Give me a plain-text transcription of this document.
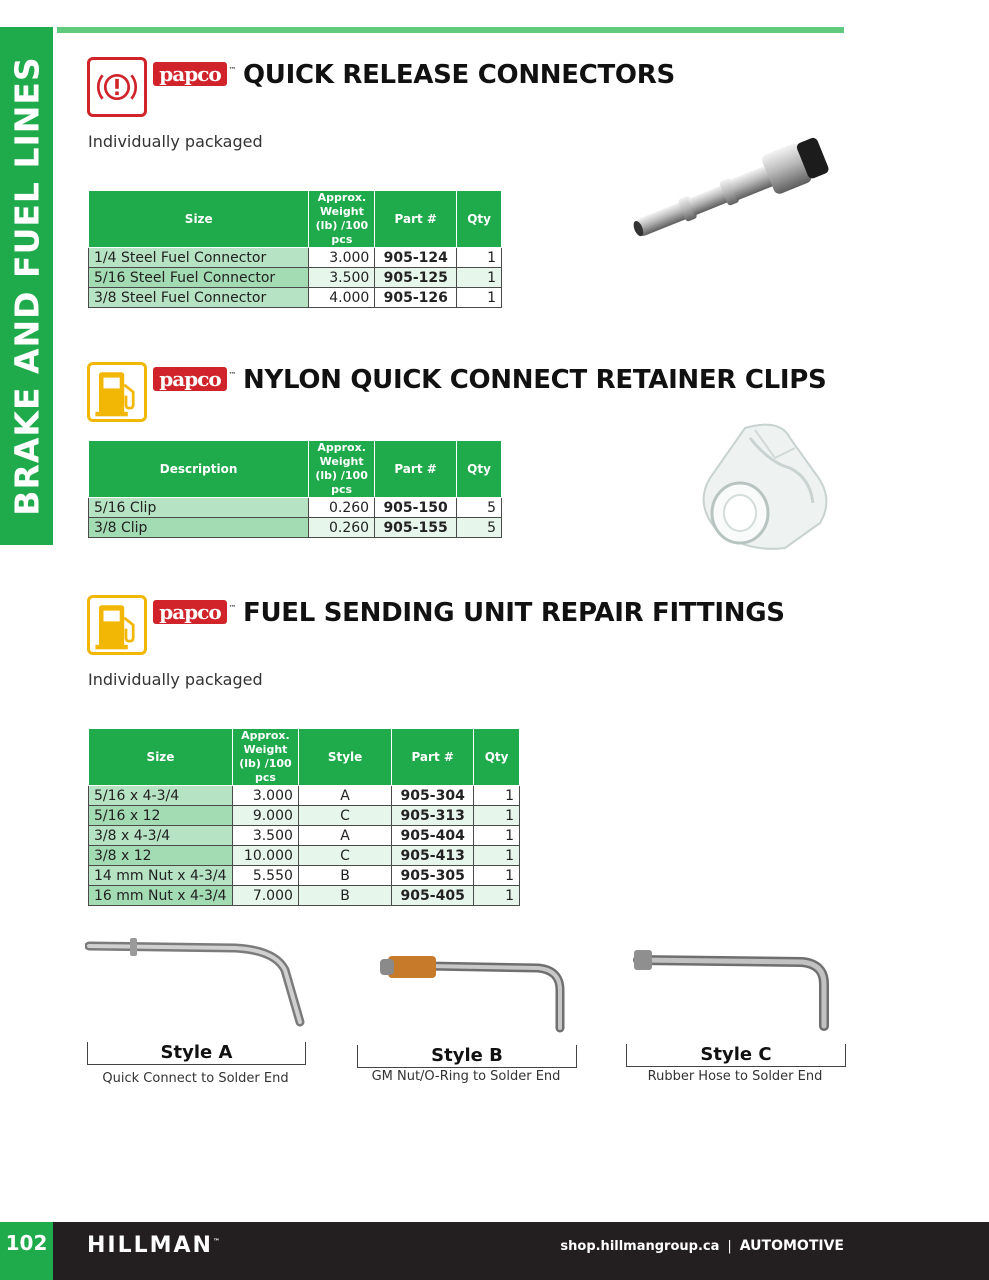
BRAKE AND FUEL LINES	papco ™ QUICK RELEASE CONNECTORS
Individually packaged
Size	Approx. Weight (lb) /100 pcs	Part #	Qty
1/4 Steel Fuel Connector	3.000	905-124	1
5/16 Steel Fuel Connector	3.500	905-125	1
3/8 Steel Fuel Connector	4.000	905-126	1
papco ™ NYLON QUICK CONNECT RETAINER CLIPS
Description	Approx. Weight (lb) /100 pcs	Part #	Qty
5/16 Clip	0.260	905-150	5
3/8 Clip	0.260	905-155	5
papco ™ FUEL SENDING UNIT REPAIR FITTINGS
Individually packaged
Size	Approx. Weight (lb) /100 pcs	Style	Part #	Qty
5/16 x 4-3/4	3.000	A	905-304	1
5/16 x 12	9.000	C	905-313	1
3/8 x 4-3/4	3.500	A	905-404	1
3/8 x 12	10.000	C	905-413	1
14 mm Nut x 4-3/4	5.550	B	905-305	1
16 mm Nut x 4-3/4	7.000	B	905-405	1
Style A
Quick Connect to Solder End
Style B
GM Nut/O-Ring to Solder End
Style C
Rubber Hose to Solder End
102 HILLMAN™	shop.hillmangroup.ca | AUTOMOTIVE
